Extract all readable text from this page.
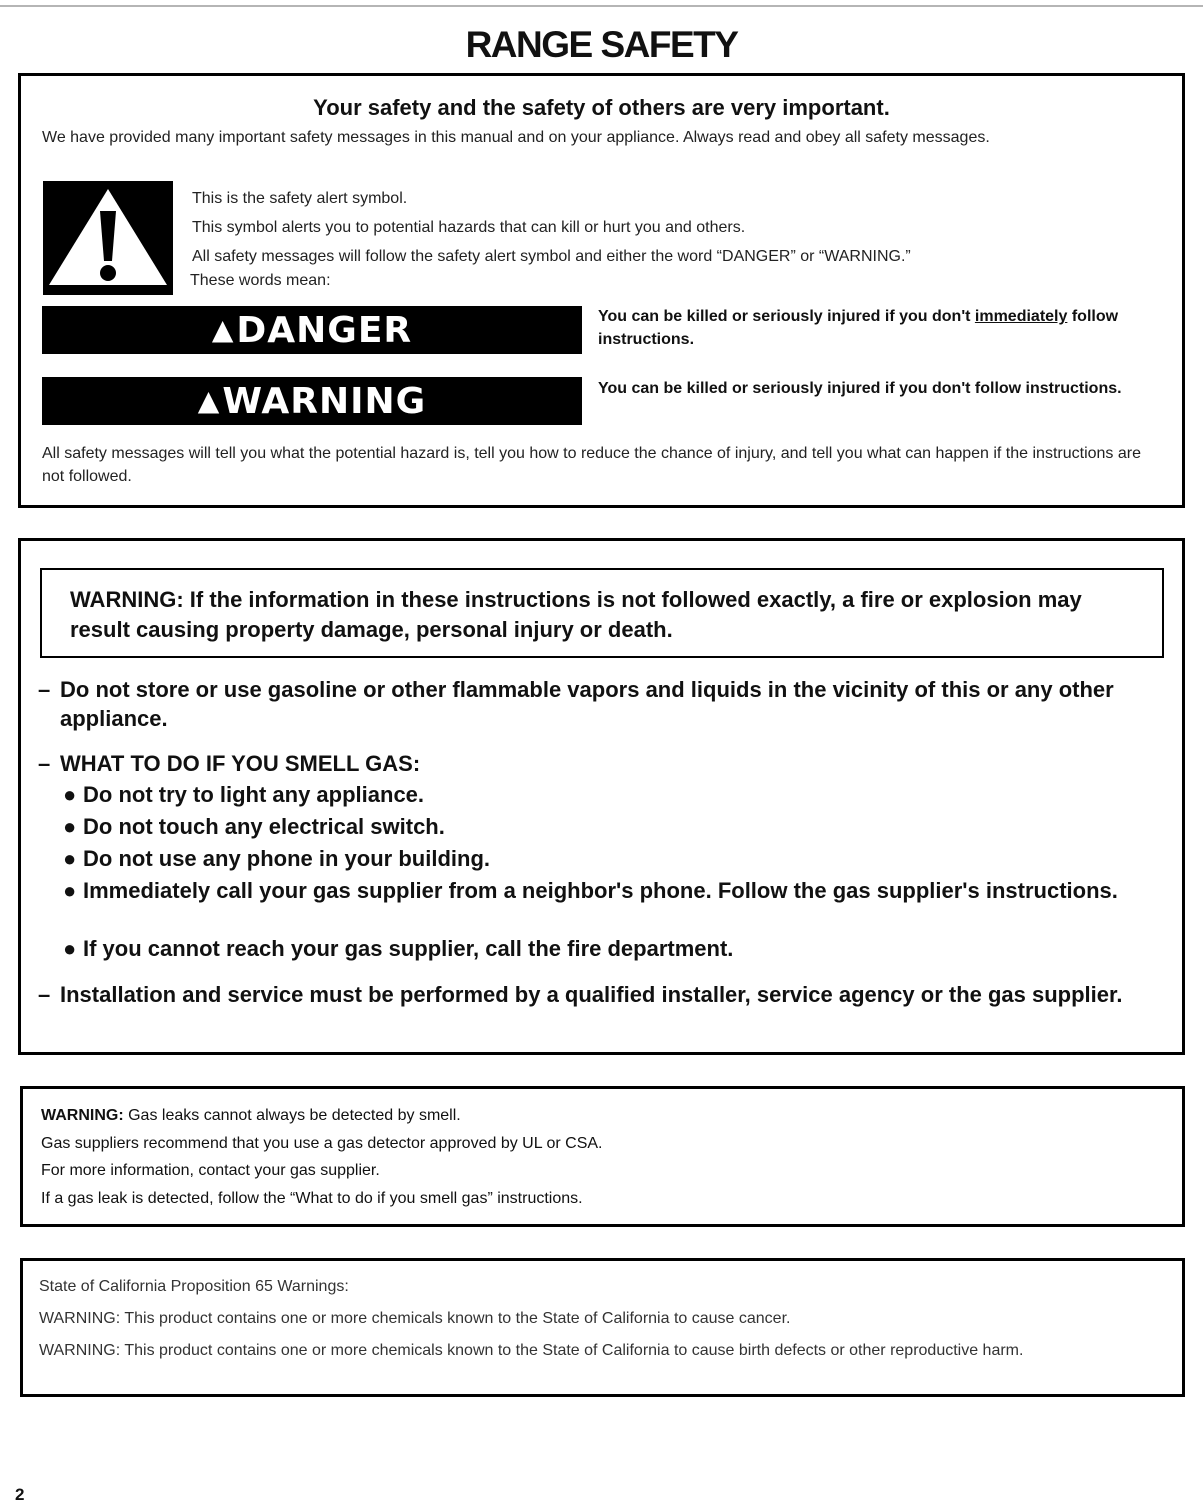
RANGE SAFETY
Your safety and the safety of others are very important.
We have provided many important safety messages in this manual and on your appliance. Always read and obey all safety messages.
This is the safety alert symbol.
This symbol alerts you to potential hazards that can kill or hurt you and others.
All safety messages will follow the safety alert symbol and either the word “DANGER” or “WARNING.”
These words mean:
▲DANGER	You can be killed or seriously injured if you don't immediately follow instructions.
▲WARNING	You can be killed or seriously injured if you don't follow instructions.
All safety messages will tell you what the potential hazard is, tell you how to reduce the chance of injury, and tell you what can happen if the instructions are not followed.
WARNING: If the information in these instructions is not followed exactly, a fire or explosion may result causing property damage, personal injury or death.
– Do not store or use gasoline or other flammable vapors and liquids in the vicinity of this or any other appliance.
– WHAT TO DO IF YOU SMELL GAS:
● Do not try to light any appliance.
● Do not touch any electrical switch.
● Do not use any phone in your building.
● Immediately call your gas supplier from a neighbor's phone. Follow the gas supplier's instructions.
● If you cannot reach your gas supplier, call the fire department.
– Installation and service must be performed by a qualified installer, service agency or the gas supplier.
WARNING: Gas leaks cannot always be detected by smell.
Gas suppliers recommend that you use a gas detector approved by UL or CSA.
For more information, contact your gas supplier.
If a gas leak is detected, follow the “What to do if you smell gas” instructions.
State of California Proposition 65 Warnings:
WARNING: This product contains one or more chemicals known to the State of California to cause cancer.
WARNING: This product contains one or more chemicals known to the State of California to cause birth defects or other reproductive harm.
2
